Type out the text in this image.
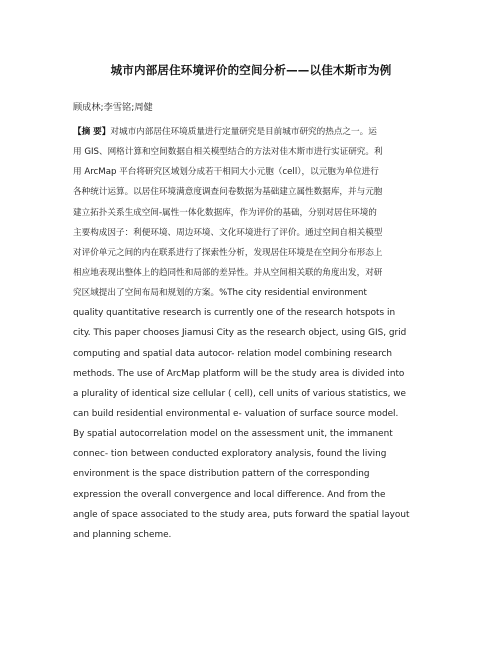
城市内部居住环境评价的空间分析——以佳木斯市为例
顾成林;李雪铭;周健
【摘 要】对城市内部居住环境质量进行定量研究是目前城市研究的热点之一。运
用 GIS、网格计算和空间数据自相关模型结合的方法对佳木斯市进行实证研究。利
用 ArcMap 平台将研究区域划分成若干相同大小元胞（cell），以元胞为单位进行
各种统计运算。以居住环境满意度调查问卷数据为基础建立属性数据库，并与元胞
建立拓扑关系生成空间-属性一体化数据库，作为评价的基础，分别对居住环境的
主要构成因子：利便环境、周边环境、文化环境进行了评价。通过空间自相关模型
对评价单元之间的内在联系进行了探索性分析，发现居住环境是在空间分布形态上
相应地表现出整体上的趋同性和局部的差异性。并从空间相关联的角度出发，对研
究区域提出了空间布局和规划的方案。%The city residential environment
quality quantitative research is currently one of the research hotspots in
city. This paper chooses Jiamusi City as the research object, using GIS, grid
computing and spatial data autocor- relation model combining research
methods. The use of ArcMap platform will be the study area is divided into
a plurality of identical size cellular ( cell), cell units of various statistics, we
can build residential environmental e- valuation of surface source model.
By spatial autocorrelation model on the assessment unit, the immanent
connec- tion between conducted exploratory analysis, found the living
environment is the space distribution pattern of the corresponding
expression the overall convergence and local difference. And from the
angle of space associated to the study area, puts forward the spatial layout
and planning scheme.
